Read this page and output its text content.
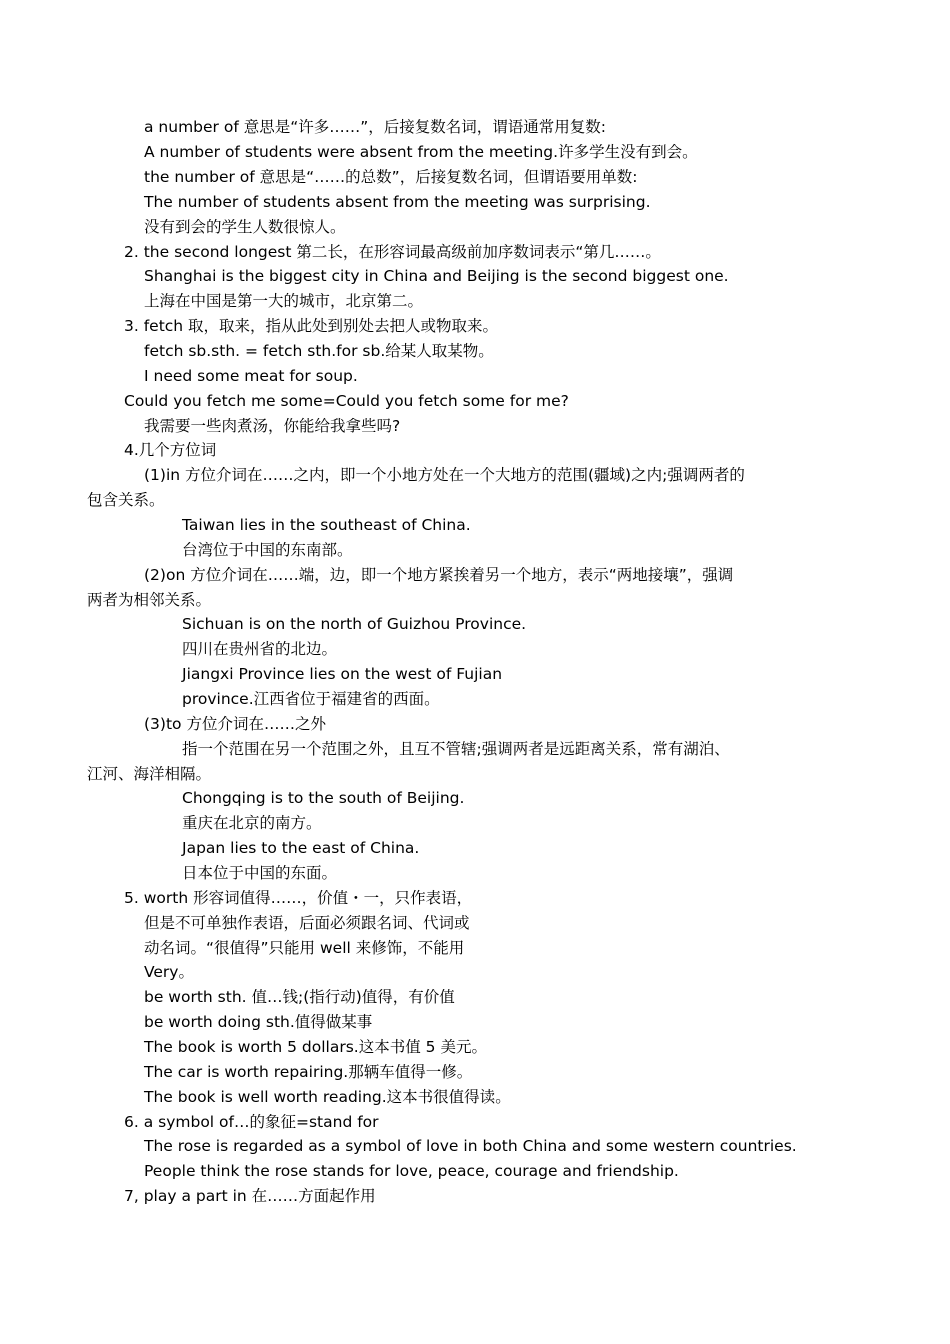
a number of 意思是“许多……”，后接复数名词，谓语通常用复数:
A number of students were absent from the meeting.许多学生没有到会。
the number of 意思是“……的总数”，后接复数名词，但谓语要用单数:
The number of students absent from the meeting was surprising.
没有到会的学生人数很惊人。
2. the second longest 第二长，在形容词最高级前加序数词表示“第几……。
Shanghai is the biggest city in China and Beijing is the second biggest one.
上海在中国是第一大的城市，北京第二。
3. fetch 取，取来，指从此处到别处去把人或物取来。
fetch sb.sth. = fetch sth.for sb.给某人取某物。
I need some meat for soup.
Could you fetch me some=Could you fetch some for me?
我需要一些肉煮汤，你能给我拿些吗?
4.几个方位词
(1)in 方位介词在……之内，即一个小地方处在一个大地方的范围(疆域)之内;强调两者的
包含关系。
Taiwan lies in the southeast of China.
台湾位于中国的东南部。
(2)on 方位介词在……端，边，即一个地方紧挨着另一个地方，表示“两地接壤”，强调
两者为相邻关系。
Sichuan is on the north of Guizhou Province.
四川在贵州省的北边。
Jiangxi Province lies on the west of Fujian
province.江西省位于福建省的西面。
(3)to 方位介词在……之外
指一个范围在另一个范围之外，且互不管辖;强调两者是远距离关系，常有湖泊、
江河、海洋相隔。
Chongqing is to the south of Beijing.
重庆在北京的南方。
Japan lies to the east of China.
日本位于中国的东面。
5. worth 形容词值得……，价值・一，只作表语，
但是不可单独作表语，后面必须跟名词、代词或
动名词。“很值得”只能用 well 来修饰，不能用
Very。
be worth sth. 值…钱;(指行动)值得，有价值
be worth doing sth.值得做某事
The book is worth 5 dollars.这本书值 5 美元。
The car is worth repairing.那辆车值得一修。
The book is well worth reading.这本书很值得读。
6. a symbol of…的象征=stand for
The rose is regarded as a symbol of love in both China and some western countries.
People think the rose stands for love, peace, courage and friendship.
7, play a part in 在……方面起作用
